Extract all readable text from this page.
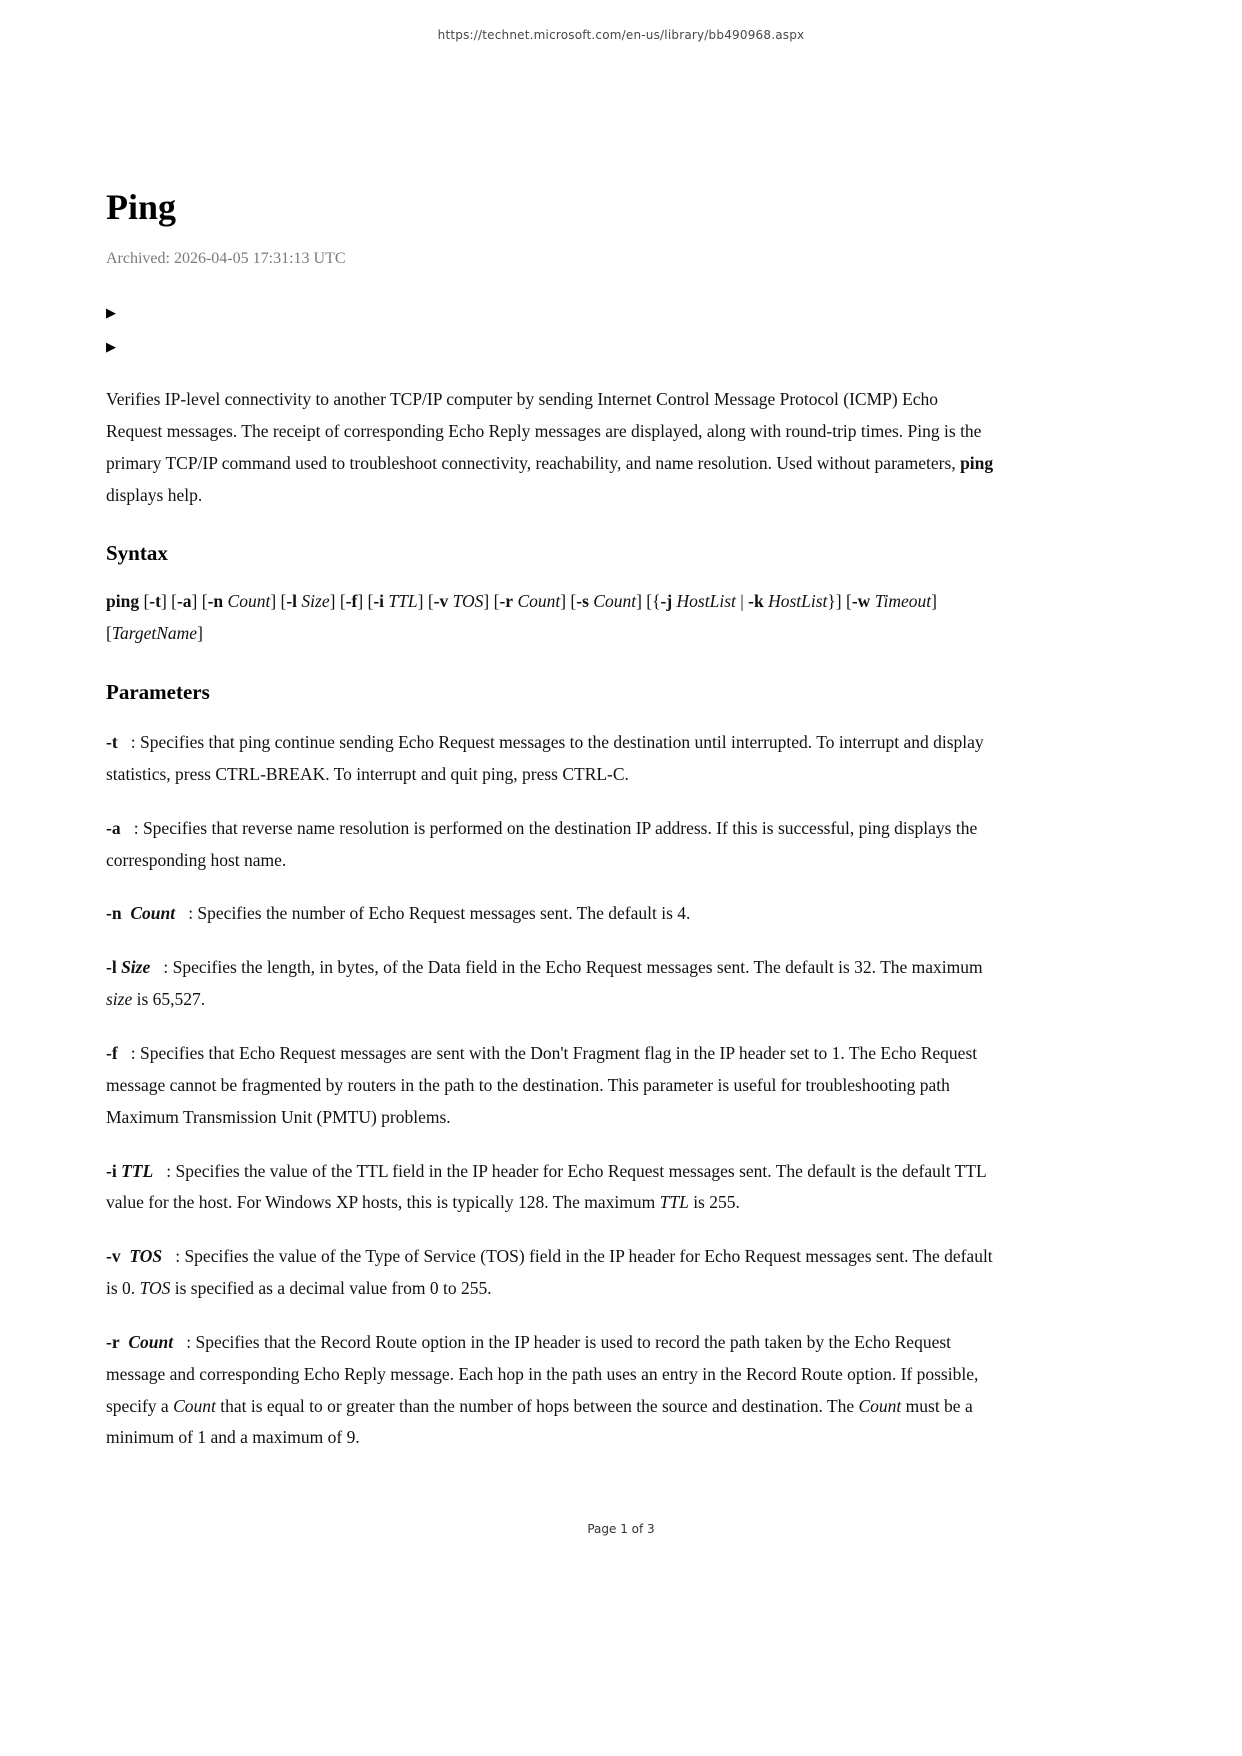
https://technet.microsoft.com/en-us/library/bb490968.aspx
Ping
Archived: 2026-04-05 17:31:13 UTC
▶
▶

Verifies IP-level connectivity to another TCP/IP computer by sending Internet Control Message Protocol (ICMP) Echo Request messages. The receipt of corresponding Echo Reply messages are displayed, along with round-trip times. Ping is the primary TCP/IP command used to troubleshoot connectivity, reachability, and name resolution. Used without parameters, ping displays help.

Syntax

ping [-t] [-a] [-n Count] [-l Size] [-f] [-i TTL] [-v TOS] [-r Count] [-s Count] [{-j HostList | -k HostList}] [-w Timeout] [TargetName]

Parameters

-t   : Specifies that ping continue sending Echo Request messages to the destination until interrupted. To interrupt and display statistics, press CTRL-BREAK. To interrupt and quit ping, press CTRL-C.

-a   : Specifies that reverse name resolution is performed on the destination IP address. If this is successful, ping displays the corresponding host name.

-n Count   : Specifies the number of Echo Request messages sent. The default is 4.

-l Size   : Specifies the length, in bytes, of the Data field in the Echo Request messages sent. The default is 32. The maximum size is 65,527.

-f   : Specifies that Echo Request messages are sent with the Don't Fragment flag in the IP header set to 1. The Echo Request message cannot be fragmented by routers in the path to the destination. This parameter is useful for troubleshooting path Maximum Transmission Unit (PMTU) problems.

-i TTL   : Specifies the value of the TTL field in the IP header for Echo Request messages sent. The default is the default TTL value for the host. For Windows XP hosts, this is typically 128. The maximum TTL is 255.

-v TOS   : Specifies the value of the Type of Service (TOS) field in the IP header for Echo Request messages sent. The default is 0. TOS is specified as a decimal value from 0 to 255.

-r Count   : Specifies that the Record Route option in the IP header is used to record the path taken by the Echo Request message and corresponding Echo Reply message. Each hop in the path uses an entry in the Record Route option. If possible, specify a Count that is equal to or greater than the number of hops between the source and destination. The Count must be a minimum of 1 and a maximum of 9.

Page 1 of 3
